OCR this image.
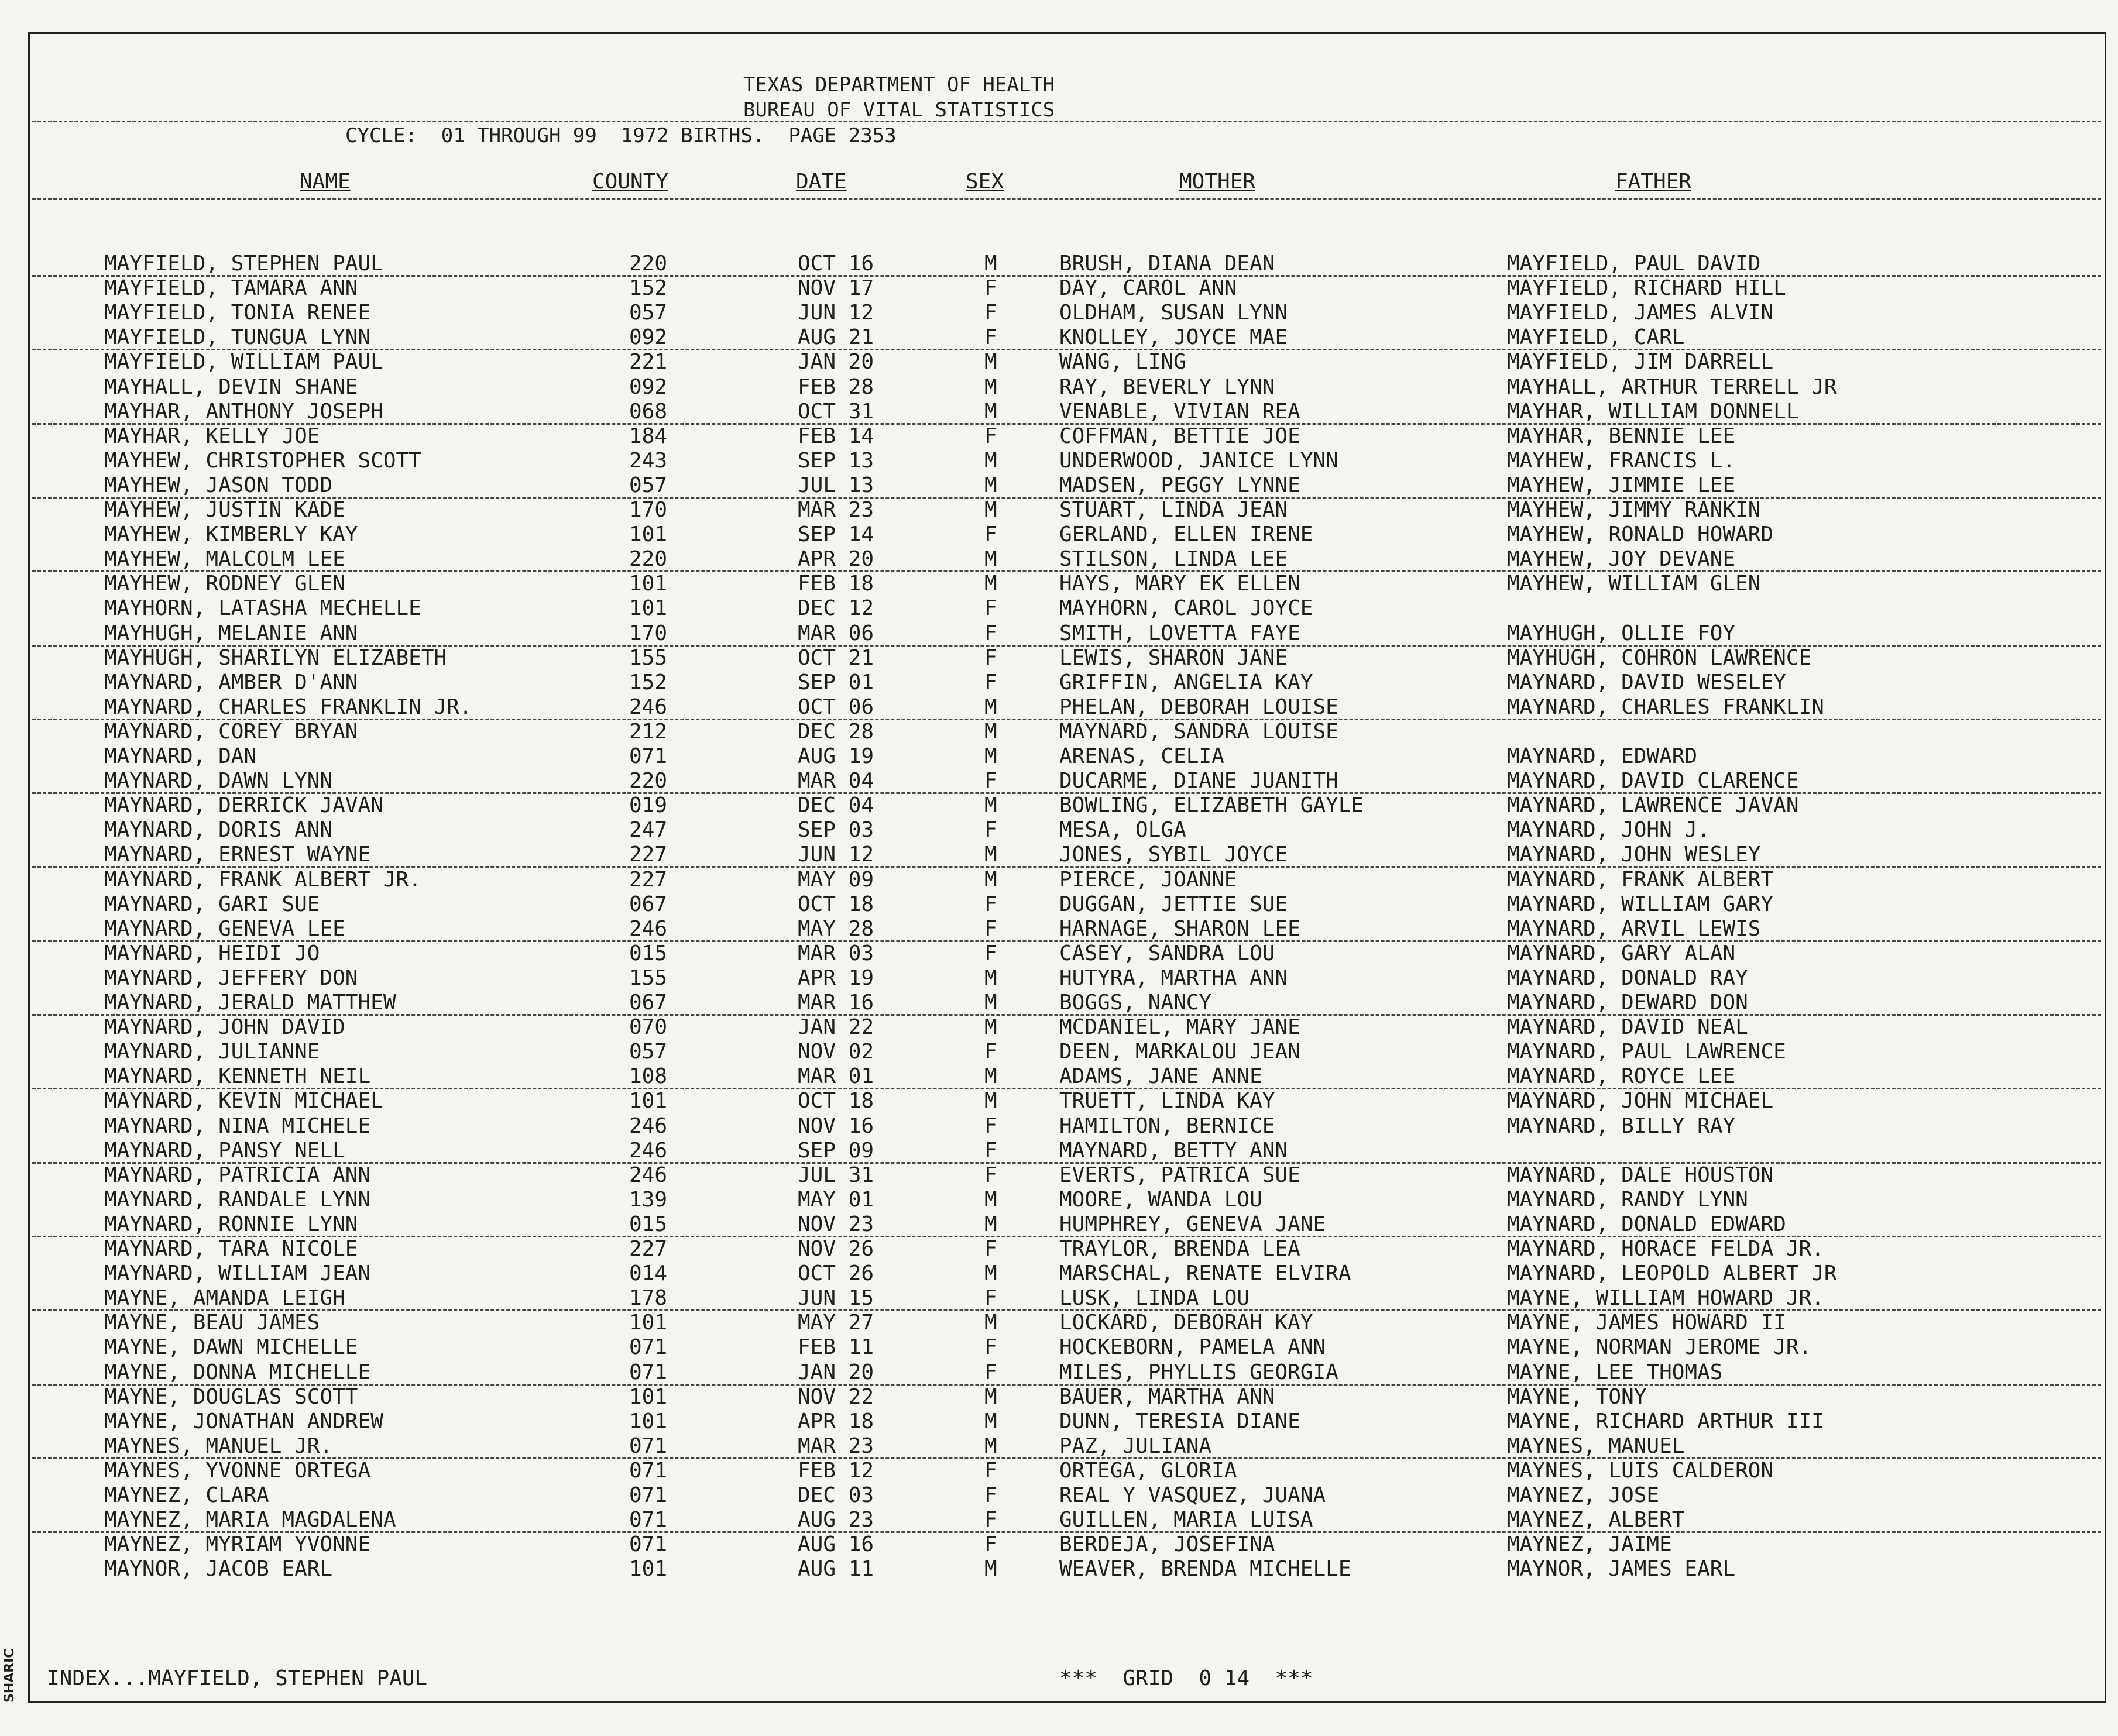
TEXAS DEPARTMENT OF HEALTH
BUREAU OF VITAL STATISTICS
CYCLE:  01 THROUGH 99  1972 BIRTHS.  PAGE 2353
NAME	COUNTY	DATE	SEX	MOTHER	FATHER
MAYFIELD, STEPHEN PAUL	220	OCT 16	M	BRUSH, DIANA DEAN	MAYFIELD, PAUL DAVID
MAYFIELD, TAMARA ANN	152	NOV 17	F	DAY, CAROL ANN	MAYFIELD, RICHARD HILL
MAYFIELD, TONIA RENEE	057	JUN 12	F	OLDHAM, SUSAN LYNN	MAYFIELD, JAMES ALVIN
MAYFIELD, TUNGUA LYNN	092	AUG 21	F	KNOLLEY, JOYCE MAE	MAYFIELD, CARL
MAYFIELD, WILLIAM PAUL	221	JAN 20	M	WANG, LING	MAYFIELD, JIM DARRELL
MAYHALL, DEVIN SHANE	092	FEB 28	M	RAY, BEVERLY LYNN	MAYHALL, ARTHUR TERRELL JR
MAYHAR, ANTHONY JOSEPH	068	OCT 31	M	VENABLE, VIVIAN REA	MAYHAR, WILLIAM DONNELL
MAYHAR, KELLY JOE	184	FEB 14	F	COFFMAN, BETTIE JOE	MAYHAR, BENNIE LEE
MAYHEW, CHRISTOPHER SCOTT	243	SEP 13	M	UNDERWOOD, JANICE LYNN	MAYHEW, FRANCIS L.
MAYHEW, JASON TODD	057	JUL 13	M	MADSEN, PEGGY LYNNE	MAYHEW, JIMMIE LEE
MAYHEW, JUSTIN KADE	170	MAR 23	M	STUART, LINDA JEAN	MAYHEW, JIMMY RANKIN
MAYHEW, KIMBERLY KAY	101	SEP 14	F	GERLAND, ELLEN IRENE	MAYHEW, RONALD HOWARD
MAYHEW, MALCOLM LEE	220	APR 20	M	STILSON, LINDA LEE	MAYHEW, JOY DEVANE
MAYHEW, RODNEY GLEN	101	FEB 18	M	HAYS, MARY EK ELLEN	MAYHEW, WILLIAM GLEN
MAYHORN, LATASHA MECHELLE	101	DEC 12	F	MAYHORN, CAROL JOYCE
MAYHUGH, MELANIE ANN	170	MAR 06	F	SMITH, LOVETTA FAYE	MAYHUGH, OLLIE FOY
MAYHUGH, SHARILYN ELIZABETH	155	OCT 21	F	LEWIS, SHARON JANE	MAYHUGH, COHRON LAWRENCE
MAYNARD, AMBER D'ANN	152	SEP 01	F	GRIFFIN, ANGELIA KAY	MAYNARD, DAVID WESELEY
MAYNARD, CHARLES FRANKLIN JR.	246	OCT 06	M	PHELAN, DEBORAH LOUISE	MAYNARD, CHARLES FRANKLIN
MAYNARD, COREY BRYAN	212	DEC 28	M	MAYNARD, SANDRA LOUISE
MAYNARD, DAN	071	AUG 19	M	ARENAS, CELIA	MAYNARD, EDWARD
MAYNARD, DAWN LYNN	220	MAR 04	F	DUCARME, DIANE JUANITH	MAYNARD, DAVID CLARENCE
MAYNARD, DERRICK JAVAN	019	DEC 04	M	BOWLING, ELIZABETH GAYLE	MAYNARD, LAWRENCE JAVAN
MAYNARD, DORIS ANN	247	SEP 03	F	MESA, OLGA	MAYNARD, JOHN J.
MAYNARD, ERNEST WAYNE	227	JUN 12	M	JONES, SYBIL JOYCE	MAYNARD, JOHN WESLEY
MAYNARD, FRANK ALBERT JR.	227	MAY 09	M	PIERCE, JOANNE	MAYNARD, FRANK ALBERT
MAYNARD, GARI SUE	067	OCT 18	F	DUGGAN, JETTIE SUE	MAYNARD, WILLIAM GARY
MAYNARD, GENEVA LEE	246	MAY 28	F	HARNAGE, SHARON LEE	MAYNARD, ARVIL LEWIS
MAYNARD, HEIDI JO	015	MAR 03	F	CASEY, SANDRA LOU	MAYNARD, GARY ALAN
MAYNARD, JEFFERY DON	155	APR 19	M	HUTYRA, MARTHA ANN	MAYNARD, DONALD RAY
MAYNARD, JERALD MATTHEW	067	MAR 16	M	BOGGS, NANCY	MAYNARD, DEWARD DON
MAYNARD, JOHN DAVID	070	JAN 22	M	MCDANIEL, MARY JANE	MAYNARD, DAVID NEAL
MAYNARD, JULIANNE	057	NOV 02	F	DEEN, MARKALOU JEAN	MAYNARD, PAUL LAWRENCE
MAYNARD, KENNETH NEIL	108	MAR 01	M	ADAMS, JANE ANNE	MAYNARD, ROYCE LEE
MAYNARD, KEVIN MICHAEL	101	OCT 18	M	TRUETT, LINDA KAY	MAYNARD, JOHN MICHAEL
MAYNARD, NINA MICHELE	246	NOV 16	F	HAMILTON, BERNICE	MAYNARD, BILLY RAY
MAYNARD, PANSY NELL	246	SEP 09	F	MAYNARD, BETTY ANN
MAYNARD, PATRICIA ANN	246	JUL 31	F	EVERTS, PATRICA SUE	MAYNARD, DALE HOUSTON
MAYNARD, RANDALE LYNN	139	MAY 01	M	MOORE, WANDA LOU	MAYNARD, RANDY LYNN
MAYNARD, RONNIE LYNN	015	NOV 23	M	HUMPHREY, GENEVA JANE	MAYNARD, DONALD EDWARD
MAYNARD, TARA NICOLE	227	NOV 26	F	TRAYLOR, BRENDA LEA	MAYNARD, HORACE FELDA JR.
MAYNARD, WILLIAM JEAN	014	OCT 26	M	MARSCHAL, RENATE ELVIRA	MAYNARD, LEOPOLD ALBERT JR
MAYNE, AMANDA LEIGH	178	JUN 15	F	LUSK, LINDA LOU	MAYNE, WILLIAM HOWARD JR.
MAYNE, BEAU JAMES	101	MAY 27	M	LOCKARD, DEBORAH KAY	MAYNE, JAMES HOWARD II
MAYNE, DAWN MICHELLE	071	FEB 11	F	HOCKEBORN, PAMELA ANN	MAYNE, NORMAN JEROME JR.
MAYNE, DONNA MICHELLE	071	JAN 20	F	MILES, PHYLLIS GEORGIA	MAYNE, LEE THOMAS
MAYNE, DOUGLAS SCOTT	101	NOV 22	M	BAUER, MARTHA ANN	MAYNE, TONY
MAYNE, JONATHAN ANDREW	101	APR 18	M	DUNN, TERESIA DIANE	MAYNE, RICHARD ARTHUR III
MAYNES, MANUEL JR.	071	MAR 23	M	PAZ, JULIANA	MAYNES, MANUEL
MAYNES, YVONNE ORTEGA	071	FEB 12	F	ORTEGA, GLORIA	MAYNES, LUIS CALDERON
MAYNEZ, CLARA	071	DEC 03	F	REAL Y VASQUEZ, JUANA	MAYNEZ, JOSE
MAYNEZ, MARIA MAGDALENA	071	AUG 23	F	GUILLEN, MARIA LUISA	MAYNEZ, ALBERT
MAYNEZ, MYRIAM YVONNE	071	AUG 16	F	BERDEJA, JOSEFINA	MAYNEZ, JAIME
MAYNOR, JACOB EARL	101	AUG 11	M	WEAVER, BRENDA MICHELLE	MAYNOR, JAMES EARL
INDEX...MAYFIELD, STEPHEN PAUL	***  GRID  0 14  ***
SHARIC
